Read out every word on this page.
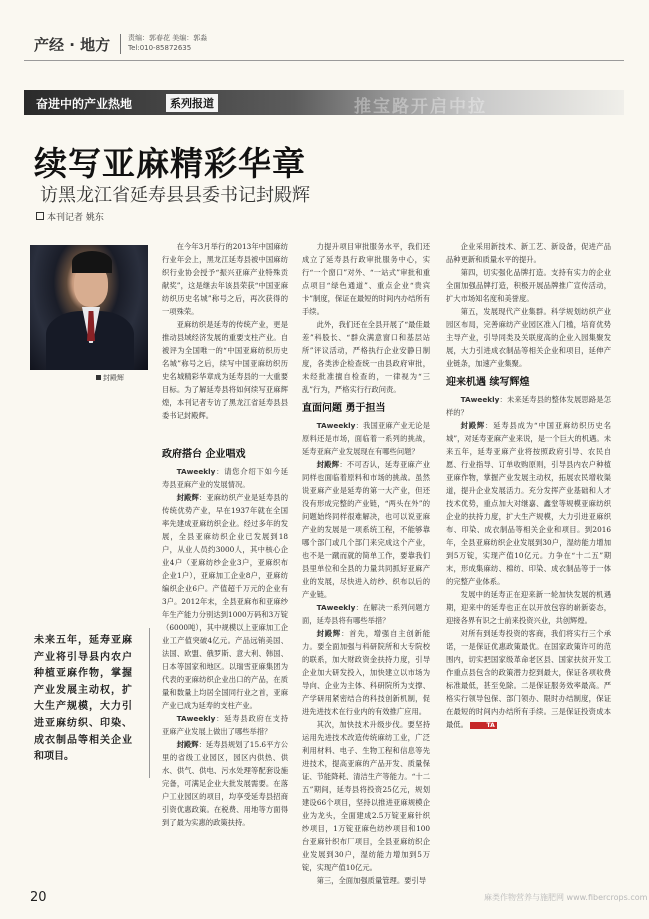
产经 · 地方	责编：郭春花 美编：郭淼
Tel:010-85872635
奋进中的产业热地	系列报道	推宝路开启中拉
续写亚麻精彩华章
访黑龙江省延寿县县委书记封殿辉
本刊记者 姚东
封殿辉
未来五年，延寿亚麻产业将引导县内农户种植亚麻作物，掌握产业发展主动权，扩大生产规模，大力引进亚麻纺织、印染、成衣制品等相关企业和项目。

在今年3月举行的2013年中国麻纺行业年会上，黑龙江延寿县被中国麻纺织行业协会授予“振兴亚麻产业特殊贡献奖”，这是继去年该县荣获“中国亚麻纺织历史名城”称号之后，再次获得的一项殊荣。

亚麻纺织是延寿的传统产业，更是推动县域经济发展的重要支柱产业。自被评为全国唯一的“中国亚麻纺织历史名城”称号之后，续写中国亚麻纺织历史名城精彩华章成为延寿县的一大重要目标。为了解延寿县将如何续写亚麻辉煌，本刊记者专访了黑龙江省延寿县县委书记封殿辉。

政府搭台 企业唱戏

TAweekly：请您介绍下如今延寿县亚麻产业的发展情况。

封殿辉：亚麻纺织产业是延寿县的传统优势产业，早在1937年就在全国率先建成亚麻纺织企业。经过多年的发展，全县亚麻纺织企业已发展到18户，从业人员约3000人，其中核心企业4户（亚麻纺纱企业3户，亚麻织布企业1户），亚麻加工企业8户，亚麻纺编织企业6户。产值超千万元的企业有3户。2012年末，全县亚麻布和亚麻纱年生产能力分别达到1000万码和3万锭（6000吨），其中规模以上亚麻加工企业工产值突破4亿元。产品远销美国、法国、欧盟、俄罗斯、意大利、韩国、日本等国家和地区。以瑞雪亚麻集团为代表的亚麻纺织企业出口的产品，在质量和数量上均居全国同行业之首，亚麻产业已成为延寿的支柱产业。

TAweekly：延寿县政府在支持亚麻产业发展上做出了哪些举措？

封殿辉：延寿县规划了15.6平方公里的省级工业园区，园区内供热、供水、供气、供电、污水处理等配套设施完备，可满足企业大批发展需要。在落户工业园区的项目，均享受延寿县招商引资优惠政策。在税费、用地等方面得到了最为实惠的政策扶持。

力提升项目审批服务水平，我们还成立了延寿县行政审批服务中心，实行“一个窗口”对外、“一站式”审批和重点项目“绿色通道”、重点企业“贵宾卡”制度，保证在最短的时间内办结所有手续。

此外，我们还在全县开展了“最佳最差”科股长、“群众满意窗口和基层站所”评议活动，严格执行企业安静日制度，各类涉企检查统一由县政府审批，未经批准擅自检查的，一律视为“三乱”行为，严格实行行政问责。

直面问题 勇于担当

TAweekly：我国亚麻产业无论是原料还是市场，面临着一系列的挑战，延寿亚麻产业发展现在有哪些问题？

封殿辉：不可否认，延寿亚麻产业同样也面临着原料和市场的挑战。虽然说亚麻产业是延寿的第一大产业，但还没有形成完整的产业链，“两头在外”的问题始终同样很难解决，也可以说亚麻产业的发展是一项系统工程，不能够靠哪个部门或几个部门来完成这个产业，也不是一蹴而就的简单工作，要靠我们县里单位和全县的力量共同抓好亚麻产业的发展，尽快进入纺纱、织布以后的产业链。

TAweekly：在解决一系列问题方面，延寿县将有哪些举措？

封殿辉：首先，增强自主创新能力。要全面加强与科研院所和大专院校的联系，加大财政资金扶持力度，引导企业加大研发投入，加快建立以市场为导向、企业为主体、科研院所为支撑、产学研用紧密结合的科技创新机制，促进先进技术在行业内的有效推广应用。

其次，加快技术升级步伐。要坚持运用先进技术改造传统麻纺工业，广泛利用材料、电子、生物工程和信息等先进技术，提高亚麻的产品开发、质量保证、节能降耗、清洁生产等能力。“十二五”期间，延寿县将投资25亿元，规划建设66个项目，坚持以推进亚麻规模企业为龙头，全面建成2.5万锭亚麻针织纱项目，1万锭亚麻色纺纱项目和100台亚麻针织布厂项目，全县亚麻纺织企业发展到30户，湿纺能力增加到5万锭，实现产值10亿元。

第三，全面加强质量管理。要引导

企业采用新技术、新工艺、新设备，促进产品品种更新和质量水平的提升。

第四，切实强化品牌打造。支持有实力的企业全面加强品牌打造，积极开展品牌推广宣传活动，扩大市场知名度和美誉度。

第五，发展现代产业集群。科学规划纺织产业园区布局，完善麻纺产业园区准入门槛，培育优势主导产业，引导同类及关联度高的企业入园集聚发展，大力引进成衣制品等相关企业和项目，延伸产业链条，加速产业集聚。

迎来机遇 续写辉煌

TAweekly：未来延寿县的整体发展思路是怎样的？

封殿辉：延寿县成为“中国亚麻纺织历史名城”，对延寿亚麻产业来说，是一个巨大的机遇。未来五年，延寿亚麻产业将按照政府引导、农民自愿、行业指导、订单收购原则，引导县内农户种植亚麻作物，掌握产业发展主动权，拓展农民增收渠道，提升企业发展活力。充分发挥产业基础和人才技术优势，重点加大对继嘉、鑫堂等规模亚麻纺织企业的扶持力度，扩大生产规模，大力引进亚麻织布、印染、成衣制品等相关企业和项目。到2016年，全县亚麻纺织企业发展到30户，湿纺能力增加到5万锭，实现产值10亿元。力争在“十二五”期末，形成集麻纺、棉纺、印染、成衣制品等于一体的完整产业体系。

发展中的延寿正在迎来新一轮加快发展的机遇期，迎来中的延寿也正在以开放包容的崭新姿态，迎接各界有识之士前来投资兴业，共创辉煌。

对所有到延寿投资的客商，我们将实行三个承诺，一是保证优惠政策最优。在国家政策许可的范围内，切实把国家级革命老区县、国家扶贫开发工作重点县包含的政策潜力挖到最大，保证各项收费标准最低，甚至免除。二是保证服务效率最高。严格实行领导包保、部门领办、限时办结制度，保证在最短的时间内办结所有手续。三是保证投资成本最低。	TA

20	麻类作物营养与施肥网 www.fibercrops.com
